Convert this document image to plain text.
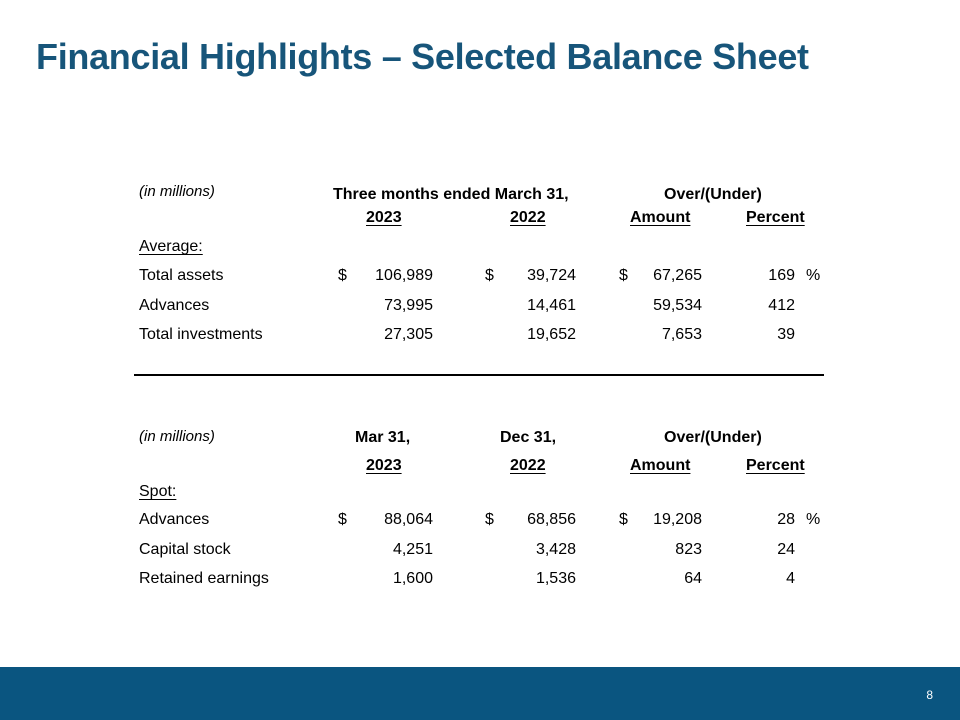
Financial Highlights – Selected Balance Sheet
(in millions)	Three months ended March 31,	Over/(Under)
2023	2022	Amount	Percent
Average:
Total assets	$	106,989	$	39,724	$	67,265	169 %
Advances	73,995	14,461	59,534	412
Total investments	27,305	19,652	7,653	39
(in millions)	Mar 31,	Dec 31,	Over/(Under)
2023	2022	Amount	Percent
Spot:
Advances	$	88,064	$	68,856	$	19,208	28 %
Capital stock	4,251	3,428	823	24
Retained earnings	1,600	1,536	64	4
8
